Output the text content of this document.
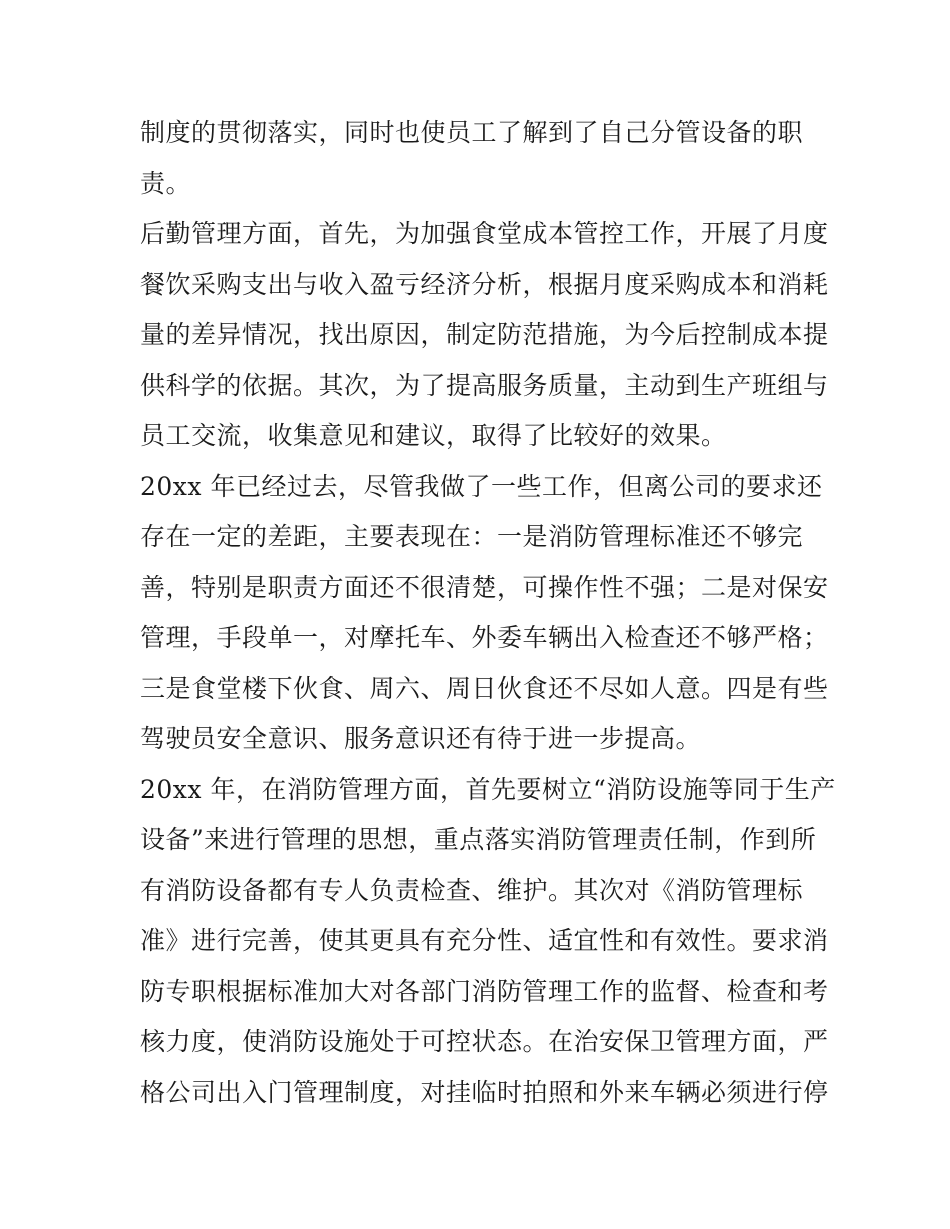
制度的贯彻落实，同时也使员工了解到了自己分管设备的职
责。
后勤管理方面，首先，为加强食堂成本管控工作，开展了月度
餐饮采购支出与收入盈亏经济分析，根据月度采购成本和消耗
量的差异情况，找出原因，制定防范措施，为今后控制成本提
供科学的依据。其次，为了提高服务质量，主动到生产班组与
员工交流，收集意见和建议，取得了比较好的效果。
20xx 年已经过去，尽管我做了一些工作，但离公司的要求还
存在一定的差距，主要表现在：一是消防管理标准还不够完
善，特别是职责方面还不很清楚，可操作性不强；二是对保安
管理，手段单一，对摩托车、外委车辆出入检查还不够严格；
三是食堂楼下伙食、周六、周日伙食还不尽如人意。四是有些
驾驶员安全意识、服务意识还有待于进一步提高。
20xx 年，在消防管理方面，首先要树立“消防设施等同于生产
设备”来进行管理的思想，重点落实消防管理责任制，作到所
有消防设备都有专人负责检查、维护。其次对《消防管理标
准》进行完善，使其更具有充分性、适宜性和有效性。要求消
防专职根据标准加大对各部门消防管理工作的监督、检查和考
核力度，使消防设施处于可控状态。在治安保卫管理方面，严
格公司出入门管理制度，对挂临时拍照和外来车辆必须进行停
